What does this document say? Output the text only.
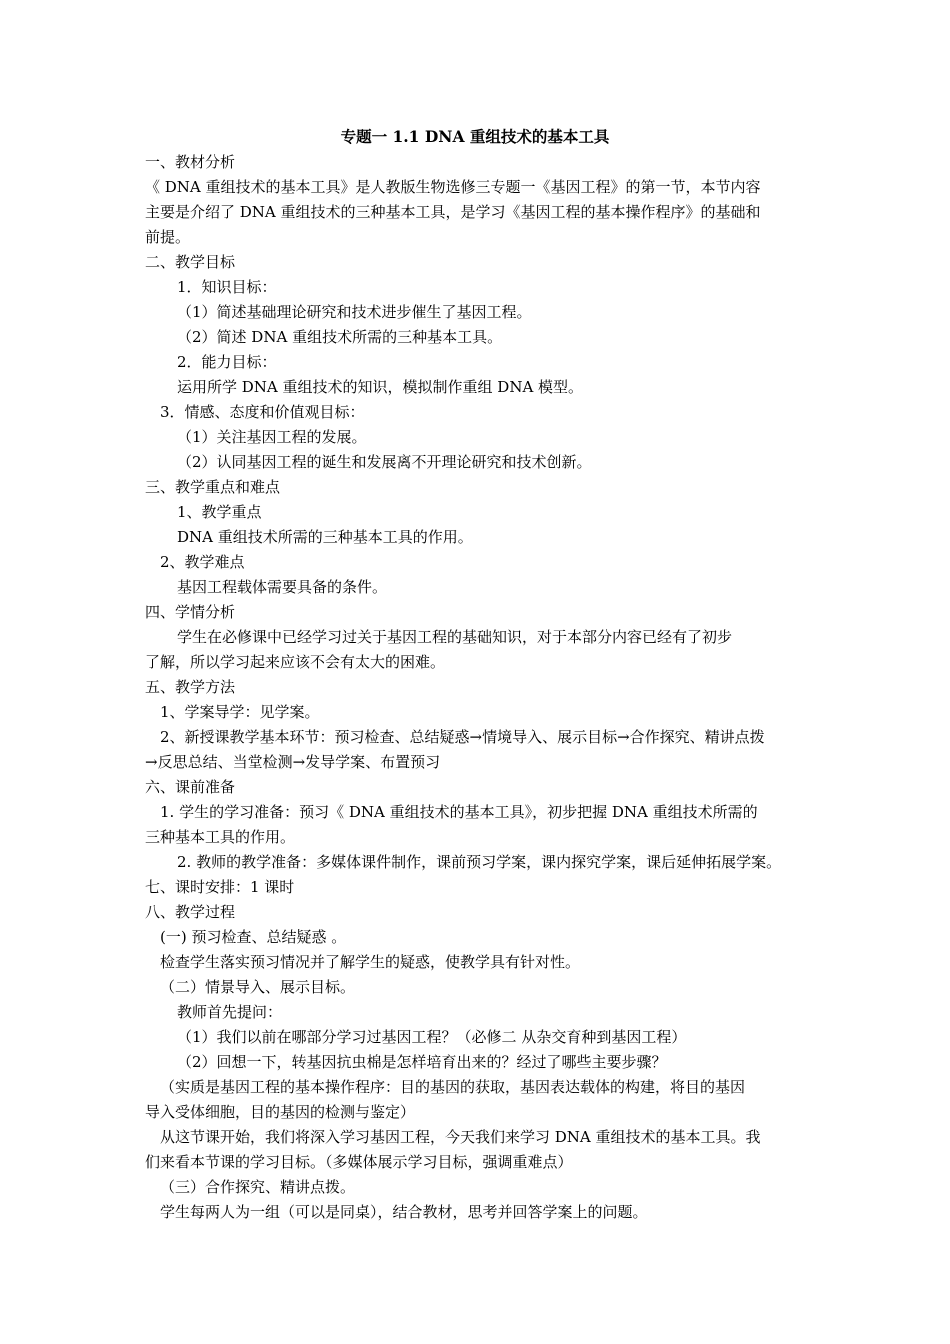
专题一 1.1 DNA 重组技术的基本工具
一、教材分析
《 DNA 重组技术的基本工具》是人教版生物选修三专题一《基因工程》的第一节，本节内容
主要是介绍了 DNA 重组技术的三种基本工具，是学习《基因工程的基本操作程序》的基础和
前提。
二、教学目标
1．知识目标：
（1）简述基础理论研究和技术进步催生了基因工程。
（2）简述 DNA 重组技术所需的三种基本工具。
2．能力目标：
运用所学 DNA 重组技术的知识，模拟制作重组 DNA 模型。
3．情感、态度和价值观目标：
（1）关注基因工程的发展。
（2）认同基因工程的诞生和发展离不开理论研究和技术创新。
三、教学重点和难点
1、教学重点
DNA 重组技术所需的三种基本工具的作用。
2、教学难点
基因工程载体需要具备的条件。
四、学情分析
学生在必修课中已经学习过关于基因工程的基础知识，对于本部分内容已经有了初步
了解，所以学习起来应该不会有太大的困难。
五、教学方法
1、学案导学：见学案。
2、新授课教学基本环节：预习检查、总结疑惑→情境导入、展示目标→合作探究、精讲点拨
→反思总结、当堂检测→发导学案、布置预习
六、课前准备
1. 学生的学习准备：预习《 DNA 重组技术的基本工具》，初步把握 DNA 重组技术所需的
三种基本工具的作用。
2. 教师的教学准备：多媒体课件制作，课前预习学案，课内探究学案，课后延伸拓展学案。
七、课时安排：1 课时
八、教学过程
(一) 预习检查、总结疑惑 。
检查学生落实预习情况并了解学生的疑惑，使教学具有针对性。
（二）情景导入、展示目标。
教师首先提问：
（1）我们以前在哪部分学习过基因工程？（必修二 从杂交育种到基因工程）
（2）回想一下，转基因抗虫棉是怎样培育出来的？经过了哪些主要步骤？
（实质是基因工程的基本操作程序：目的基因的获取，基因表达载体的构建，将目的基因
导入受体细胞，目的基因的检测与鉴定）
从这节课开始，我们将深入学习基因工程，今天我们来学习 DNA 重组技术的基本工具。我
们来看本节课的学习目标。（多媒体展示学习目标，强调重难点）
（三）合作探究、精讲点拨。
学生每两人为一组（可以是同桌），结合教材，思考并回答学案上的问题。
